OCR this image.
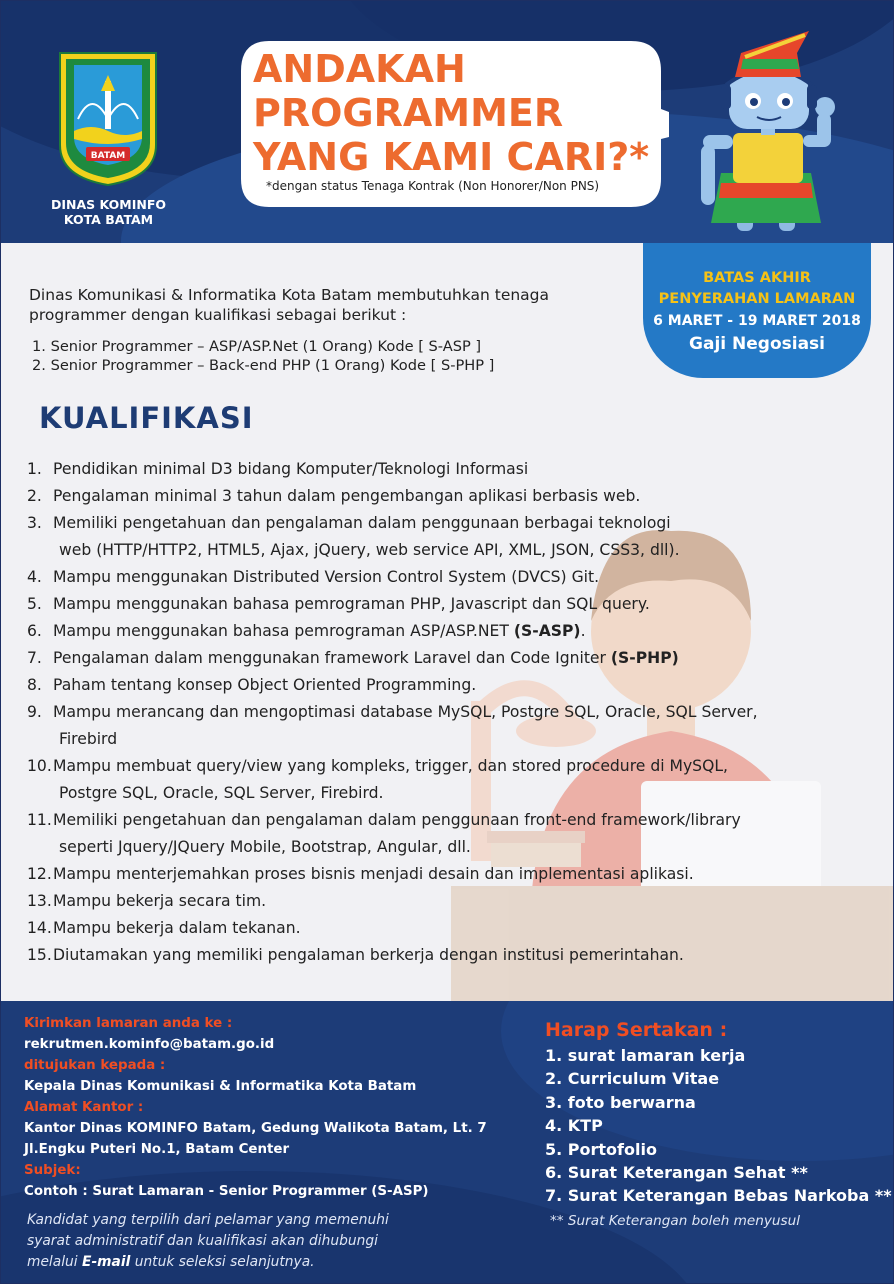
BATAM
DINAS KOMINFO
KOTA BATAM
ANDAKAH
PROGRAMMER
YANG KAMI CARI?*
*dengan status Tenaga Kontrak (Non Honorer/Non PNS)
BATAS AKHIR
PENYERAHAN LAMARAN
6 MARET - 19 MARET 2018
Gaji Negosiasi
Dinas Komunikasi & Informatika Kota Batam membutuhkan tenaga
programmer dengan kualifikasi sebagai berikut :
1. Senior Programmer – ASP/ASP.Net (1 Orang) Kode [ S-ASP ]
2. Senior Programmer – Back-end PHP (1 Orang) Kode [ S-PHP ]
KUALIFIKASI
1. Pendidikan minimal D3 bidang Komputer/Teknologi Informasi
2. Pengalaman minimal 3 tahun dalam pengembangan aplikasi berbasis web.
3. Memiliki pengetahuan dan pengalaman dalam penggunaan berbagai teknologi
web (HTTP/HTTP2, HTML5, Ajax, jQuery, web service API, XML, JSON, CSS3, dll).
4. Mampu menggunakan Distributed Version Control System (DVCS) Git.
5. Mampu menggunakan bahasa pemrograman PHP, Javascript dan SQL query.
6. Mampu menggunakan bahasa pemrograman ASP/ASP.NET (S-ASP).
7. Pengalaman dalam menggunakan framework Laravel dan Code Igniter (S-PHP)
8. Paham tentang konsep Object Oriented Programming.
9. Mampu merancang dan mengoptimasi database MySQL, Postgre SQL, Oracle, SQL Server,
Firebird
10.Mampu membuat query/view yang kompleks, trigger, dan stored procedure di MySQL,
Postgre SQL, Oracle, SQL Server, Firebird.
11.Memiliki pengetahuan dan pengalaman dalam penggunaan front-end framework/library
seperti Jquery/JQuery Mobile, Bootstrap, Angular, dll.
12.Mampu menterjemahkan proses bisnis menjadi desain dan implementasi aplikasi.
13.Mampu bekerja secara tim.
14.Mampu bekerja dalam tekanan.
15.Diutamakan yang memiliki pengalaman berkerja dengan institusi pemerintahan.
Kirimkan lamaran anda ke :
rekrutmen.kominfo@batam.go.id
ditujukan kepada :
Kepala Dinas Komunikasi & Informatika Kota Batam
Alamat Kantor :
Kantor Dinas KOMINFO Batam, Gedung Walikota Batam, Lt. 7
Jl.Engku Puteri No.1, Batam Center
Subjek:
Contoh : Surat Lamaran - Senior Programmer (S-ASP)
Kandidat yang terpilih dari pelamar yang memenuhi
syarat administratif dan kualifikasi akan dihubungi
melalui E-mail untuk seleksi selanjutnya.
Harap Sertakan :
1. surat lamaran kerja
2. Curriculum Vitae
3. foto berwarna
4. KTP
5. Portofolio
6. Surat Keterangan Sehat **
7. Surat Keterangan Bebas Narkoba **
** Surat Keterangan boleh menyusul
